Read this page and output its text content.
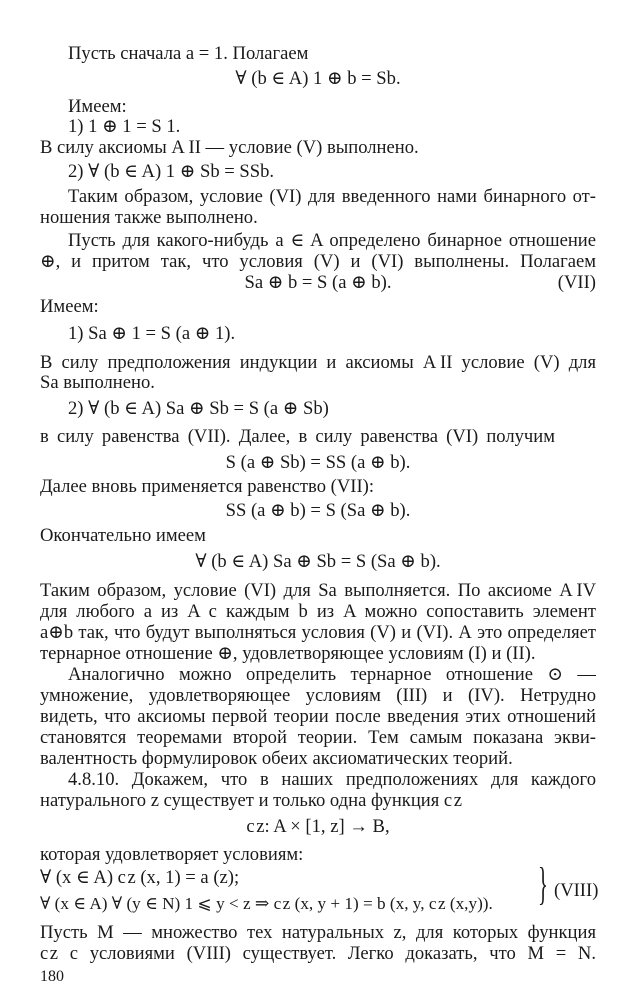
Пусть сначала a = 1. Полагаем
∀ (b ∈ A) 1 ⊕ b = Sb.
Имеем:
1) 1 ⊕ 1 = S 1.
В силу аксиомы A II — условие (V) выполнено.
2) ∀ (b ∈ A) 1 ⊕ Sb = SSb.
Таким образом, условие (VI) для введенного нами бинарного от-
ношения также выполнено.
Пусть для какого-нибудь a ∈ A определено бинарное отношение
⊕, и притом так, что условия (V) и (VI) выполнены. Полагаем
Sa ⊕ b = S (a ⊕ b).	(VII)
Имеем:
1) Sa ⊕ 1 = S (a ⊕ 1).
В силу предположения индукции и аксиомы A II условие (V) для
Sa выполнено.
2) ∀ (b ∈ A) Sa ⊕ Sb = S (a ⊕ Sb)
в силу равенства (VII). Далее, в силу равенства (VI) получим
S (a ⊕ Sb) = SS (a ⊕ b).
Далее вновь применяется равенство (VII):
SS (a ⊕ b) = S (Sa ⊕ b).
Окончательно имеем
∀ (b ∈ A) Sa ⊕ Sb = S (Sa ⊕ b).
Таким образом, условие (VI) для Sa выполняется. По аксиоме A IV
для любого a из A с каждым b из A можно сопоставить элемент
a⊕b так, что будут выполняться условия (V) и (VI). А это определяет
тернарное отношение ⊕, удовлетворяющее условиям (I) и (II).
Аналогично можно определить тернарное отношение ⊙ —
умножение, удовлетворяющее условиям (III) и (IV). Нетрудно
видеть, что аксиомы первой теории после введения этих отношений
становятся теоремами второй теории. Тем самым показана экви-
валентность формулировок обеих аксиоматических теорий.
4.8.10. Докажем, что в наших предположениях для каждого
натурального z существует и только одна функция c z
c z: A × [1, z] → B,
которая удовлетворяет условиям:
∀ (x ∈ A) c z (x, 1) = a (z);
∀ (x ∈ A) ∀ (y ∈ N) 1 ⩽ y < z ⇒ c z (x, y + 1) = b (x, y, c z (x,y)). } (VIII)
Пусть M — множество тех натуральных z, для которых функция
c z с условиями (VIII) существует. Легко доказать, что M = N.
180
